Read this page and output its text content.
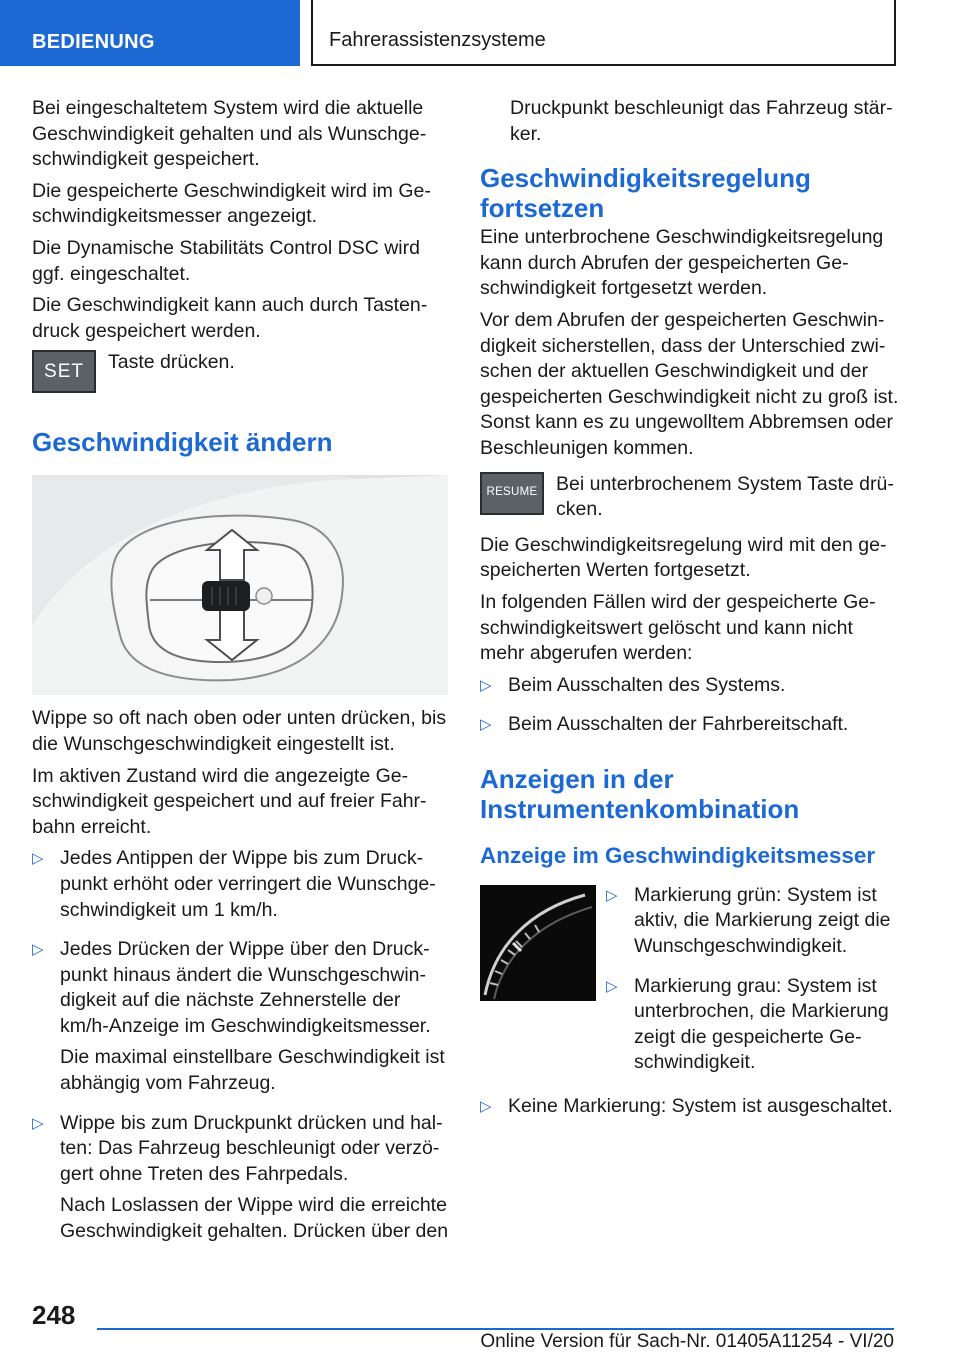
BEDIENUNG	Fahrerassistenzsysteme

Bei eingeschaltetem System wird die aktuelle Geschwindigkeit gehalten und als Wunschgeschwindigkeit gespeichert.

Die gespeicherte Geschwindigkeit wird im Geschwindigkeitsmesser angezeigt.

Die Dynamische Stabilitäts Control DSC wird ggf. eingeschaltet.

Die Geschwindigkeit kann auch durch Tastendruck gespeichert werden.

SET	Taste drücken.
Geschwindigkeit ändern

Wippe so oft nach oben oder unten drücken, bis die Wunschgeschwindigkeit eingestellt ist.

Im aktiven Zustand wird die angezeigte Geschwindigkeit gespeichert und auf freier Fahrbahn erreicht.

▷ Jedes Antippen der Wippe bis zum Druckpunkt erhöht oder verringert die Wunschgeschwindigkeit um 1 km/h.

▷ Jedes Drücken der Wippe über den Druckpunkt hinaus ändert die Wunschgeschwindigkeit auf die nächste Zehnerstelle der km/h‑Anzeige im Geschwindigkeitsmesser.

Die maximal einstellbare Geschwindigkeit ist abhängig vom Fahrzeug.

▷ Wippe bis zum Druckpunkt drücken und halten: Das Fahrzeug beschleunigt oder verzögert ohne Treten des Fahrpedals.

Nach Loslassen der Wippe wird die erreichte Geschwindigkeit gehalten. Drücken über den

Druckpunkt beschleunigt das Fahrzeug stärker.

Geschwindigkeitsregelung fortsetzen

Eine unterbrochene Geschwindigkeitsregelung kann durch Abrufen der gespeicherten Geschwindigkeit fortgesetzt werden.

Vor dem Abrufen der gespeicherten Geschwindigkeit sicherstellen, dass der Unterschied zwischen der aktuellen Geschwindigkeit und der gespeicherten Geschwindigkeit nicht zu groß ist. Sonst kann es zu ungewolltem Abbremsen oder Beschleunigen kommen.

RESUME Bei unterbrochenem System Taste drücken.

Die Geschwindigkeitsregelung wird mit den gespeicherten Werten fortgesetzt.

In folgenden Fällen wird der gespeicherte Geschwindigkeitswert gelöscht und kann nicht mehr abgerufen werden:

▷ Beim Ausschalten des Systems.

▷ Beim Ausschalten der Fahrbereitschaft.

Anzeigen in der Instrumentenkombination
Anzeige im Geschwindigkeitsmesser
▷ Markierung grün: System ist aktiv, die Markierung zeigt die Wunschgeschwindigkeit.

▷ Markierung grau: System ist unterbrochen, die Markierung zeigt die gespeicherte Geschwindigkeit.

▷ Keine Markierung: System ist ausgeschaltet.

248
Online Version für Sach-Nr. 01405A11254 - VI/20
